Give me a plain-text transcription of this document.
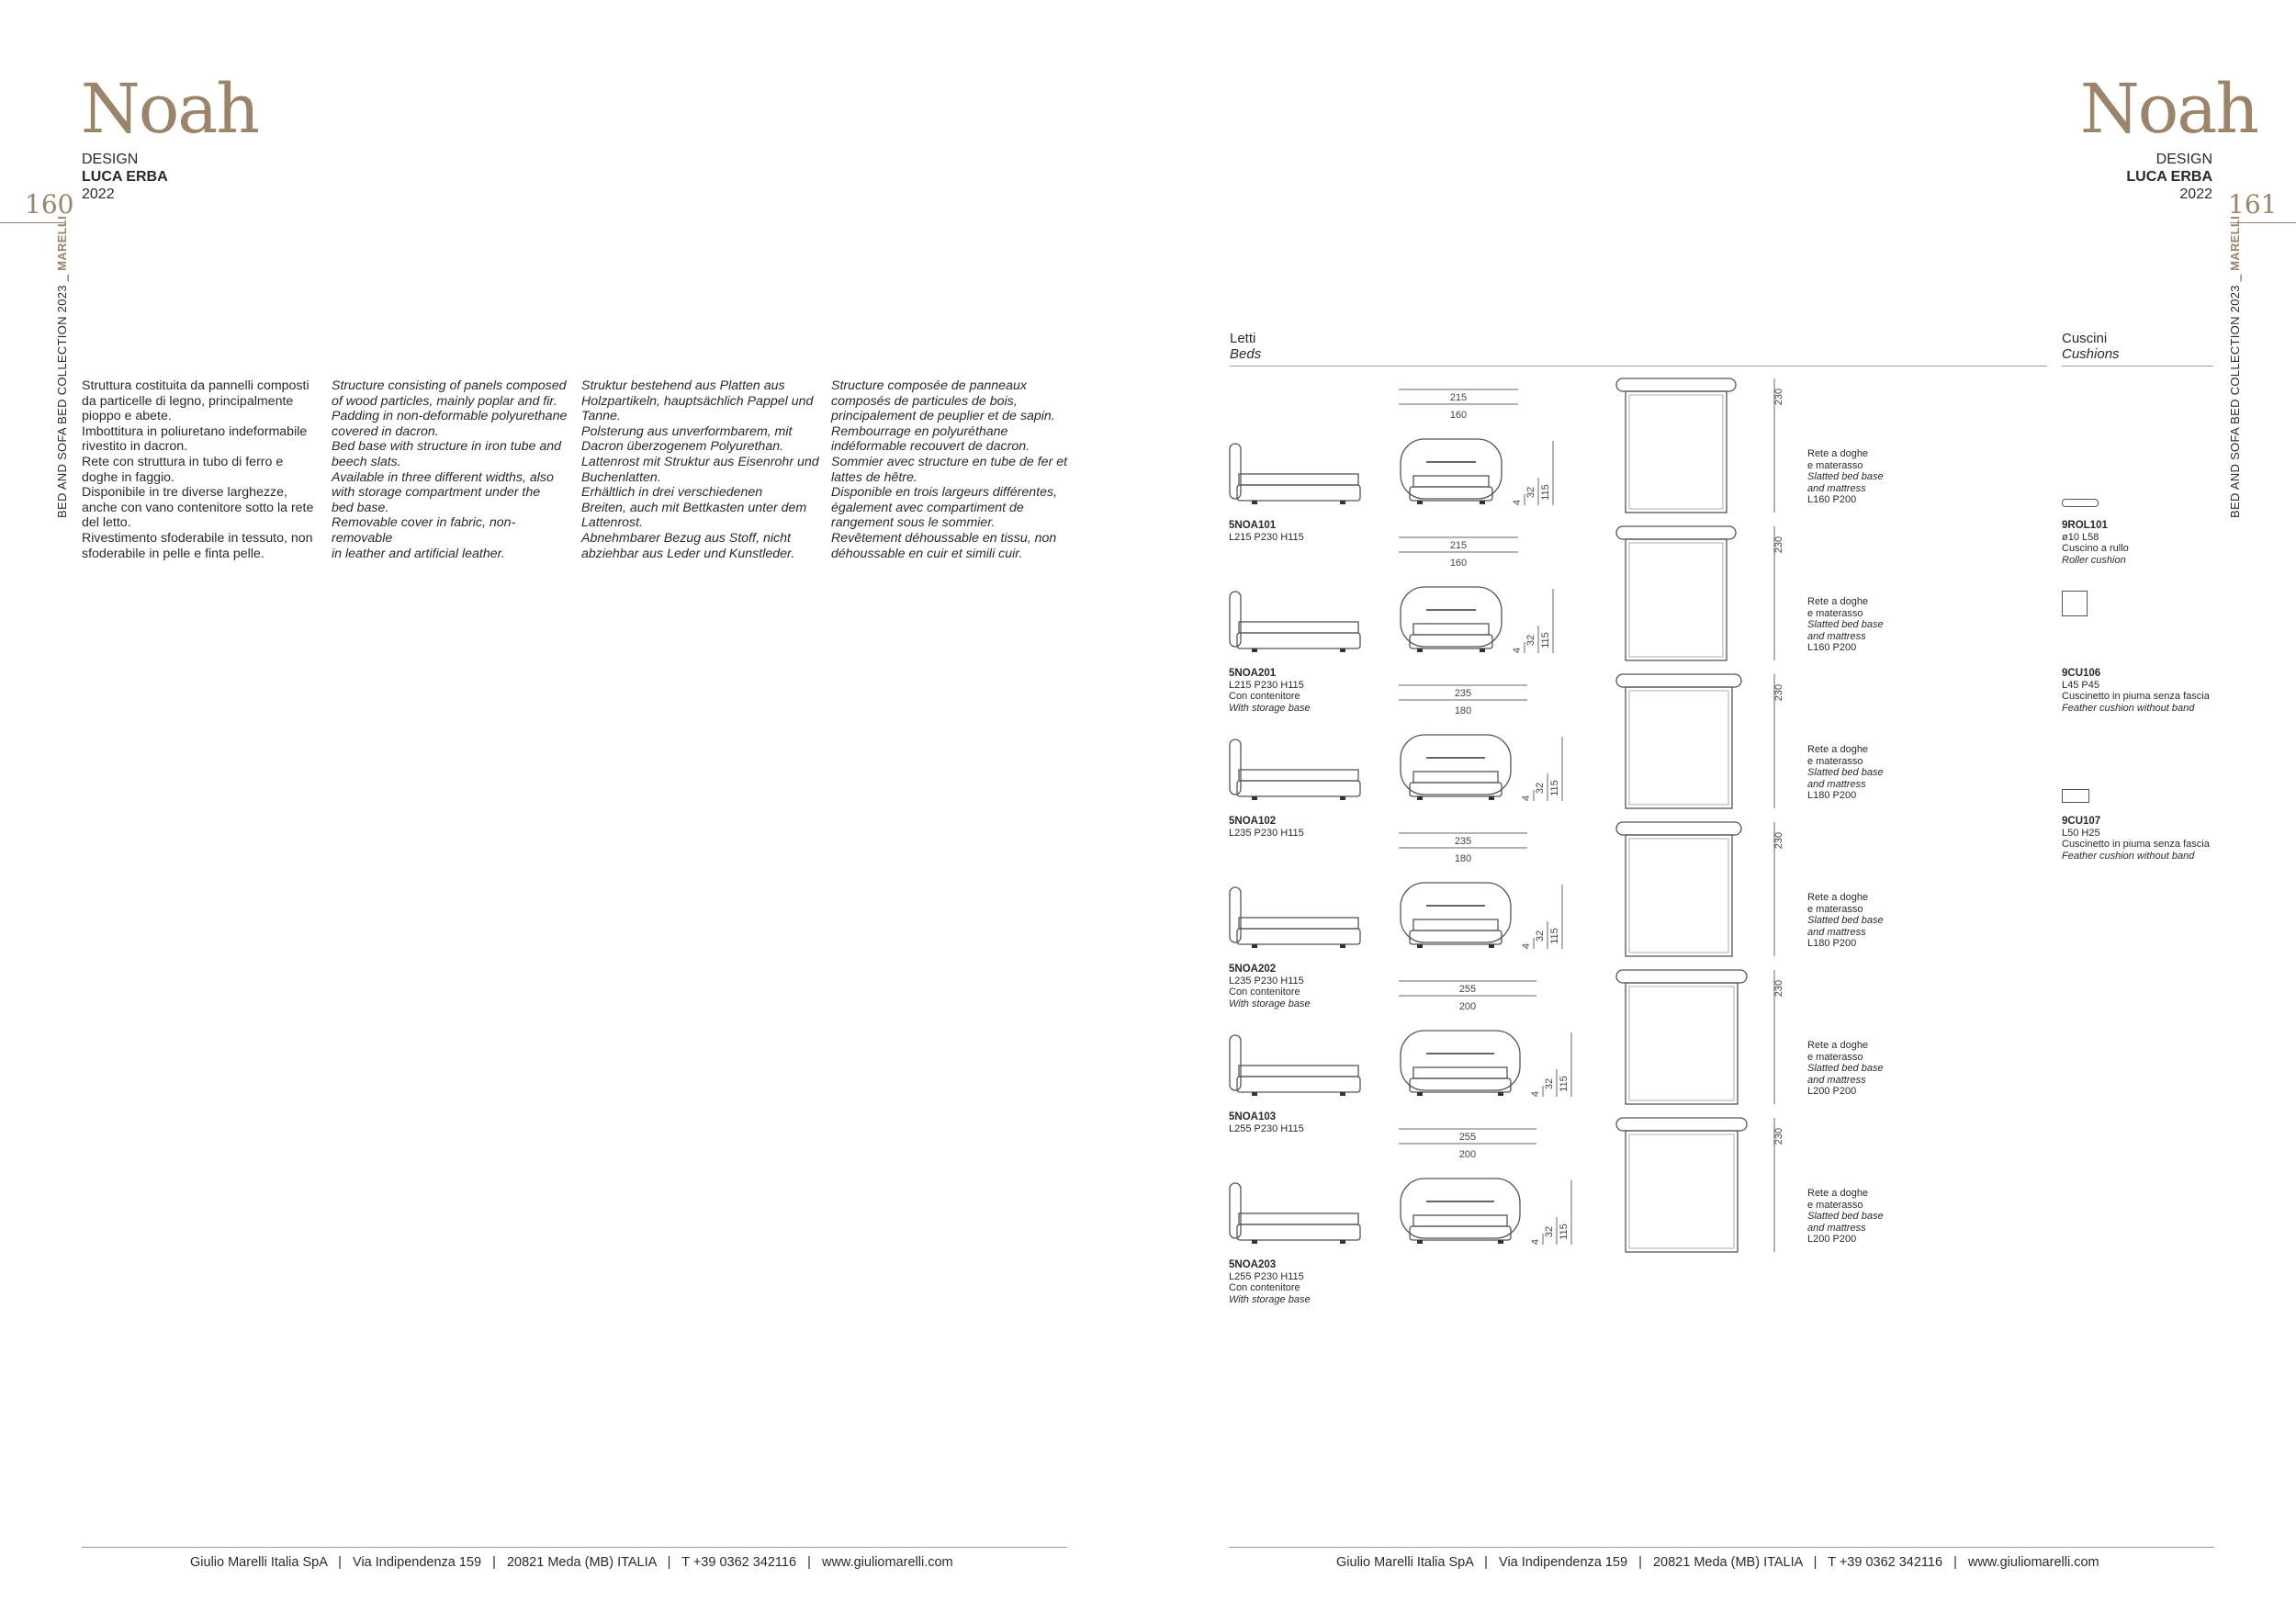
Noah
DESIGN
LUCA ERBA
2022
160
BED AND SOFA BED COLLECTION 2023 _ MARELLI

Struttura costituita da pannelli composti

da particelle di legno, principalmente

pioppo e abete.

Imbottitura in poliuretano indeformabile

rivestito in dacron.

Rete con struttura in tubo di ferro e

doghe in faggio.

Disponibile in tre diverse larghezze,

anche con vano contenitore sotto la rete

del letto.

Rivestimento sfoderabile in tessuto, non

sfoderabile in pelle e finta pelle.

Structure consisting of panels composed

of wood particles, mainly poplar and fir.

Padding in non-deformable polyurethane

covered in dacron.

Bed base with structure in iron tube and

beech slats.

Available in three different widths, also

with storage compartment under the

bed base.

Removable cover in fabric, non-removable

in leather and artificial leather.

Struktur bestehend aus Platten aus

Holzpartikeln, hauptsächlich Pappel und

Tanne.

Polsterung aus unverformbarem, mit

Dacron überzogenem Polyurethan.

Lattenrost mit Struktur aus Eisenrohr und

Buchenlatten.

Erhältlich in drei verschiedenen

Breiten, auch mit Bettkasten unter dem

Lattenrost.

Abnehmbarer Bezug aus Stoff, nicht

abziehbar aus Leder und Kunstleder.

Structure composée de panneaux

composés de particules de bois,

principalement de peuplier et de sapin.

Rembourrage en polyuréthane

indéformable recouvert de dacron.

Sommier avec structure en tube de fer et

lattes de hêtre.

Disponible en trois largeurs différentes,

également avec compartiment de

rangement sous le sommier.

Revêtement déhoussable en tissu, non

déhoussable en cuir et simili cuir.

Giulio Marelli Italia SpA   |   Via Indipendenza 159   |   20821 Meda (MB) ITALIA   |   T +39 0362 342116   |   www.giuliomarelli.com
Noah
DESIGN
LUCA ERBA
2022 161
BED AND SOFA BED COLLECTION 2023 _ MARELLI
Letti
Beds
Cuscini
Cushions
215
160
4
32 115
230
5NOA101
L215 P230 H115
Rete a doghe
e materasso
Slatted bed base
and mattress
L160 P200
215
160
4
32 115
230
5NOA201
L215 P230 H115
Con contenitore
With storage base
Rete a doghe
e materasso
Slatted bed base
and mattress
L160 P200
235
180
4
32 115
230
5NOA102
L235 P230 H115
Rete a doghe
e materasso
Slatted bed base
and mattress
L180 P200
235
180
4
32 115
230
5NOA202
L235 P230 H115
Con contenitore
With storage base
Rete a doghe
e materasso
Slatted bed base
and mattress
L180 P200
255
200
4
32 115
230
5NOA103
L255 P230 H115
Rete a doghe
e materasso
Slatted bed base
and mattress
L200 P200
255
200
4
32 115
230
5NOA203
L255 P230 H115
Con contenitore
With storage base
Rete a doghe
e materasso
Slatted bed base
and mattress
L200 P200
9ROL101
ø10 L58
Cuscino a rullo
Roller cushion
9CU106
L45 P45
Cuscinetto in piuma senza fascia
Feather cushion without band
9CU107
L50 H25
Cuscinetto in piuma senza fascia
Feather cushion without band
Giulio Marelli Italia SpA   |   Via Indipendenza 159   |   20821 Meda (MB) ITALIA   |   T +39 0362 342116   |   www.giuliomarelli.com
